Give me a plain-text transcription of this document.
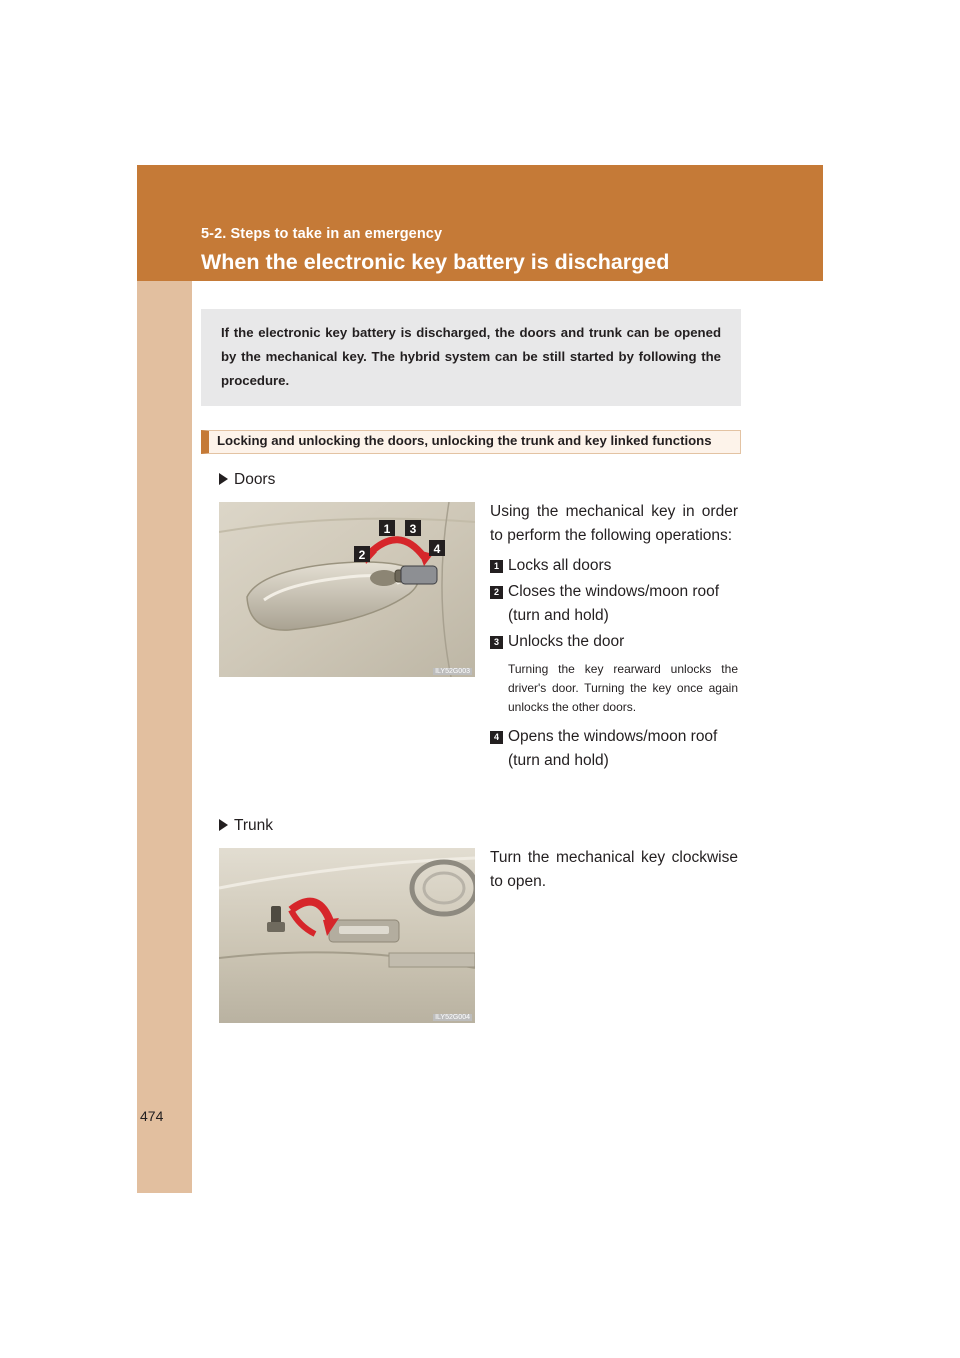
5-2. Steps to take in an emergency
When the electronic key battery is discharged
If the electronic key battery is discharged, the doors and trunk can be opened by the mechanical key. The hybrid system can be still started by following the procedure.
Locking and unlocking the doors, unlocking the trunk and key linked functions
Doors
1 3
2	4
ILY52G003
Using the mechanical key in order to perform the following operations:
1 Locks all doors
2 Closes the windows/moon roof (turn and hold)
3 Unlocks the door
Turning the key rearward unlocks the driver's door. Turning the key once again unlocks the other doors.
4 Opens the windows/moon roof (turn and hold)
Trunk
ILY52G004
Turn the mechanical key clockwise to open.
474
